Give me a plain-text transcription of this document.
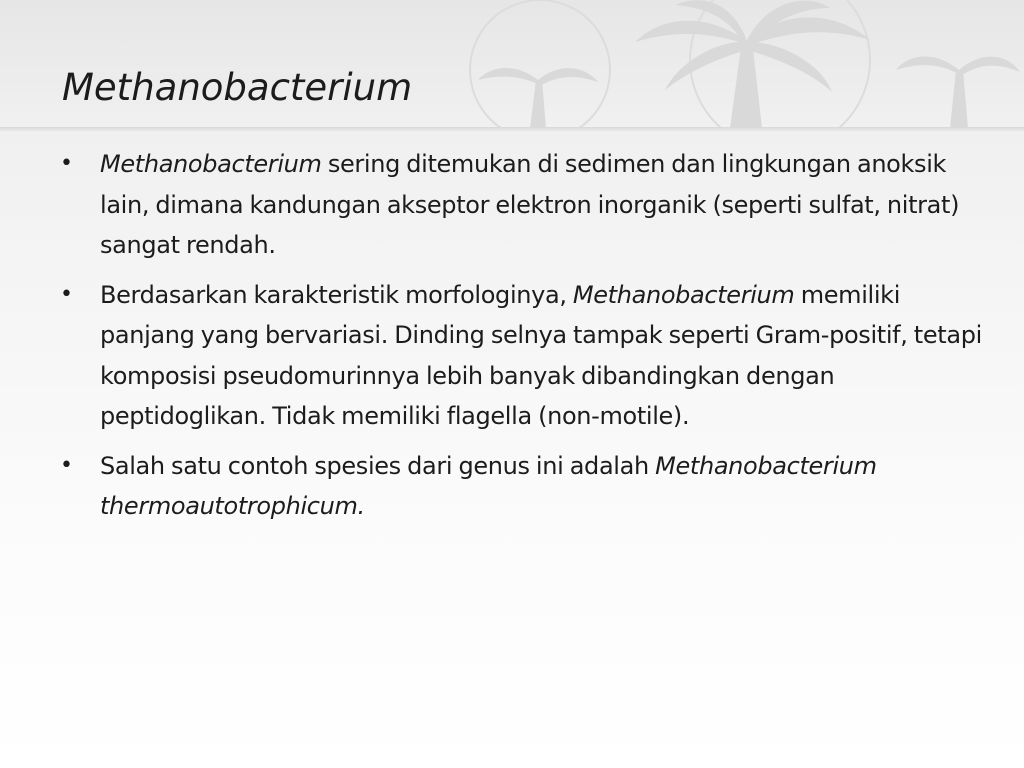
Methanobacterium
•	Methanobacterium sering ditemukan di sedimen dan lingkungan anoksik lain, dimana kandungan akseptor elektron inorganik (seperti sulfat, nitrat) sangat rendah.
•	Berdasarkan karakteristik morfologinya, Methanobacterium memiliki panjang yang bervariasi. Dinding selnya tampak seperti Gram-positif, tetapi komposisi pseudomurinnya lebih banyak dibandingkan dengan peptidoglikan. Tidak memiliki flagella (non-motile).
•	Salah satu contoh spesies dari genus ini adalah Methanobacterium thermoautotrophicum.
